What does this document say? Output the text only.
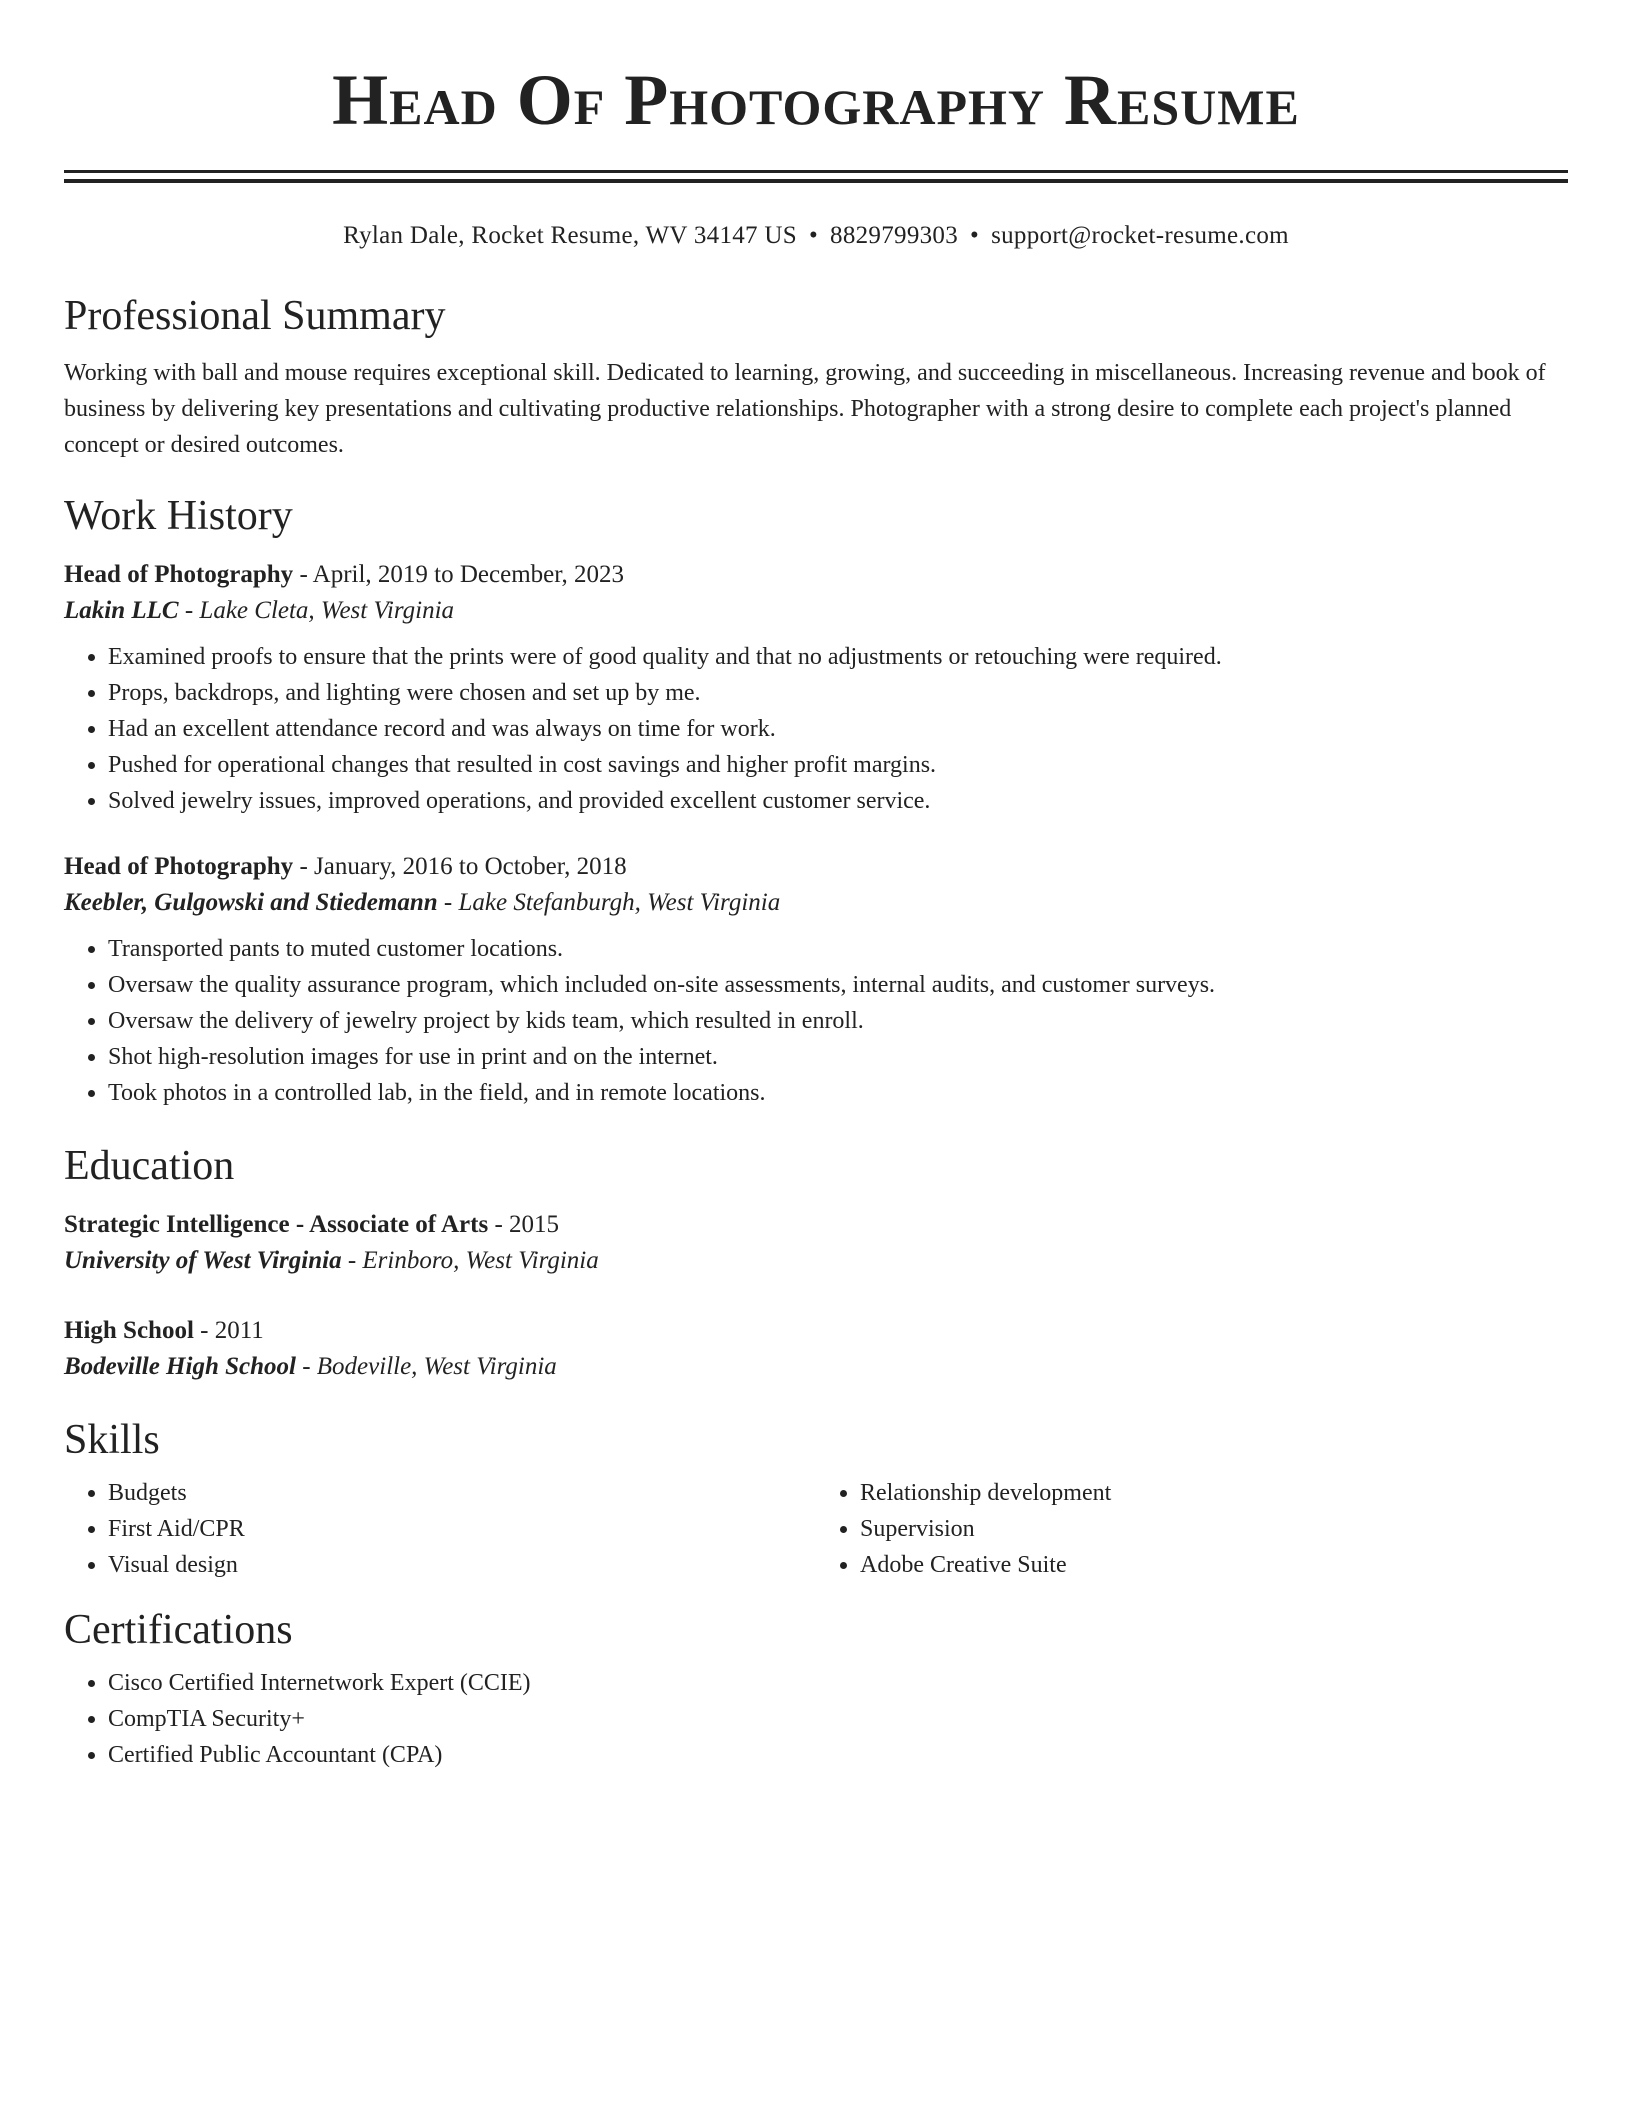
Head Of Photography Resume
Rylan Dale, Rocket Resume, WV 34147 US • 8829799303 • support@rocket-resume.com
Professional Summary

Working with ball and mouse requires exceptional skill. Dedicated to learning, growing, and succeeding in miscellaneous. Increasing revenue and book of business by delivering key presentations and cultivating productive relationships. Photographer with a strong desire to complete each project's planned concept or desired outcomes.

Work History

Head of Photography - April, 2019 to December, 2023

Lakin LLC - Lake Cleta, West Virginia

• Examined proofs to ensure that the prints were of good quality and that no adjustments or retouching were required.
• Props, backdrops, and lighting were chosen and set up by me.
• Had an excellent attendance record and was always on time for work.
• Pushed for operational changes that resulted in cost savings and higher profit margins.
• Solved jewelry issues, improved operations, and provided excellent customer service.

Head of Photography - January, 2016 to October, 2018

Keebler, Gulgowski and Stiedemann - Lake Stefanburgh, West Virginia

• Transported pants to muted customer locations.
• Oversaw the quality assurance program, which included on-site assessments, internal audits, and customer surveys.
• Oversaw the delivery of jewelry project by kids team, which resulted in enroll.
• Shot high-resolution images for use in print and on the internet.
• Took photos in a controlled lab, in the field, and in remote locations.
Education

Strategic Intelligence - Associate of Arts - 2015

University of West Virginia - Erinboro, West Virginia

High School - 2011

Bodeville High School - Bodeville, West Virginia

Skills
• Budgets
• First Aid/CPR
• Visual design
• Relationship development
• Supervision
• Adobe Creative Suite
Certifications
• Cisco Certified Internetwork Expert (CCIE)
• CompTIA Security+
• Certified Public Accountant (CPA)
